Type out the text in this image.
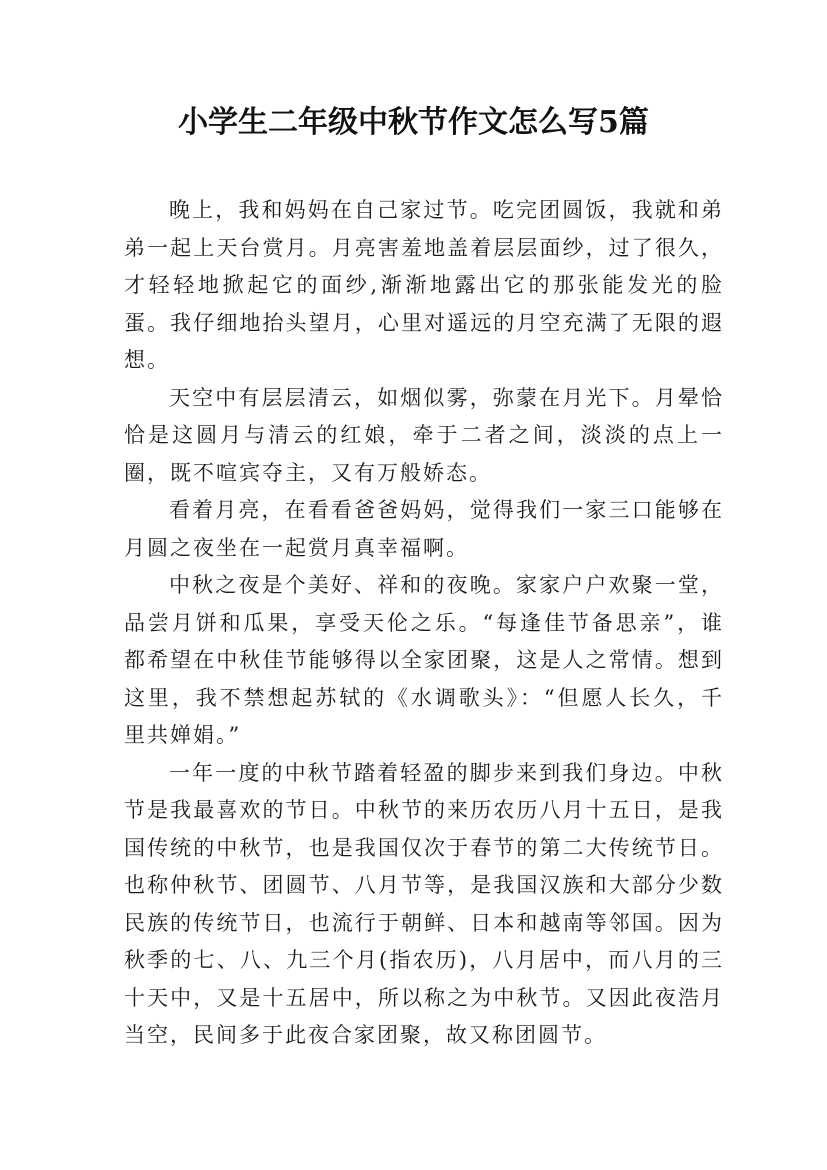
小学生二年级中秋节作文怎么写5篇

晚上，我和妈妈在自己家过节。吃完团圆饭，我就和弟弟一起上天台赏月。月亮害羞地盖着层层面纱，过了很久，才轻轻地掀起它的面纱,渐渐地露出它的那张能发光的脸蛋。我仔细地抬头望月，心里对遥远的月空充满了无限的遐想。

天空中有层层清云，如烟似雾，弥蒙在月光下。月晕恰恰是这圆月与清云的红娘，牵于二者之间，淡淡的点上一圈，既不喧宾夺主，又有万般娇态。

看着月亮，在看看爸爸妈妈，觉得我们一家三口能够在月圆之夜坐在一起赏月真幸福啊。

中秋之夜是个美好、祥和的夜晚。家家户户欢聚一堂，品尝月饼和瓜果，享受天伦之乐。“每逢佳节备思亲”，谁都希望在中秋佳节能够得以全家团聚，这是人之常情。想到这里，我不禁想起苏轼的《水调歌头》：“但愿人长久，千里共婵娟。”

一年一度的中秋节踏着轻盈的脚步来到我们身边。中秋节是我最喜欢的节日。中秋节的来历农历八月十五日，是我国传统的中秋节，也是我国仅次于春节的第二大传统节日。也称仲秋节、团圆节、八月节等，是我国汉族和大部分少数民族的传统节日，也流行于朝鲜、日本和越南等邻国。因为秋季的七、八、九三个月(指农历)，八月居中，而八月的三十天中，又是十五居中，所以称之为中秋节。又因此夜浩月当空，民间多于此夜合家团聚，故又称团圆节。
